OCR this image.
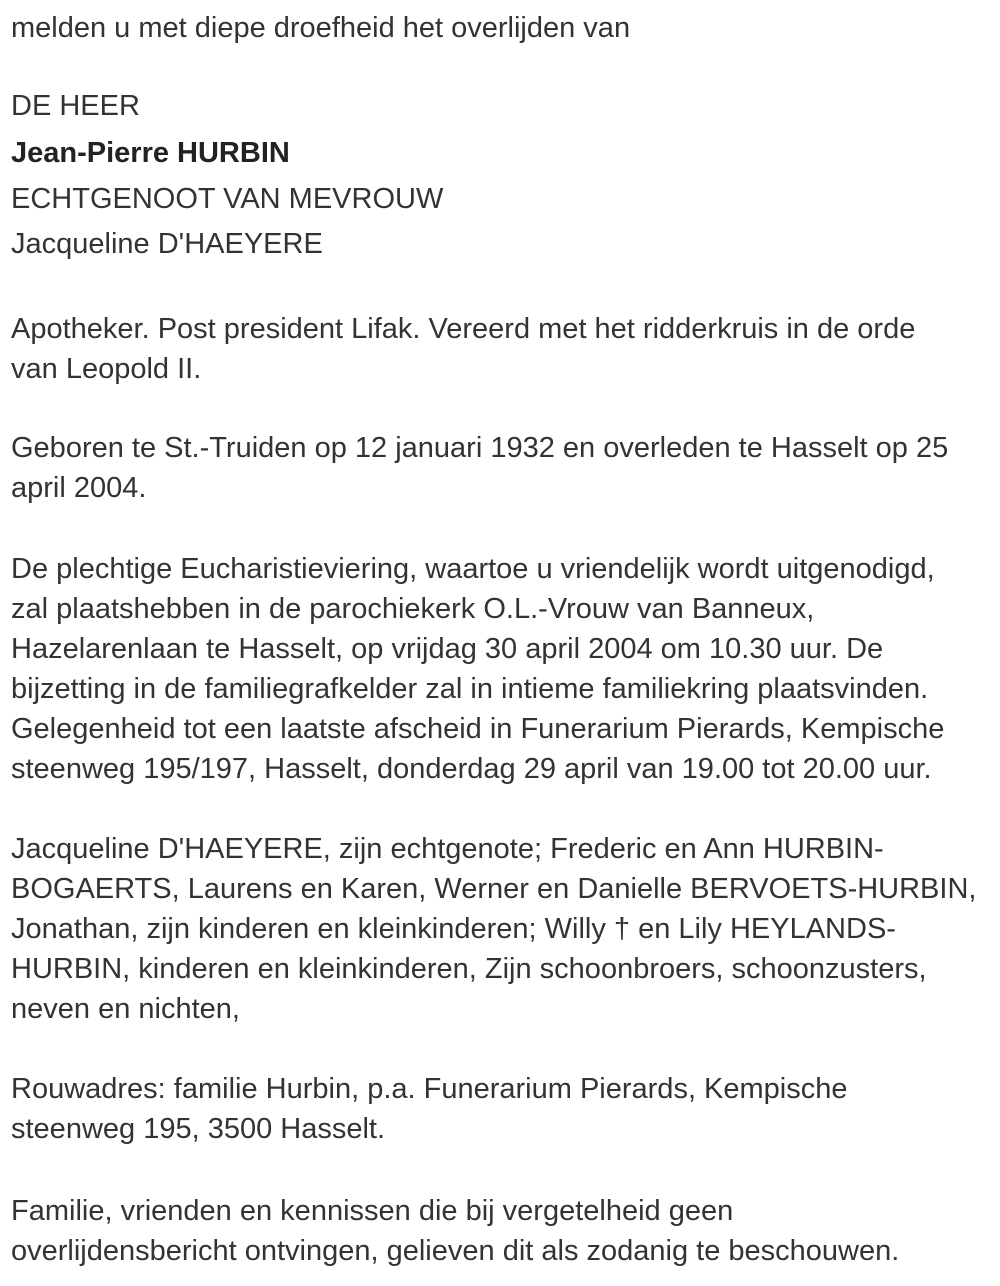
melden u met diepe droefheid het overlijden van

DE HEER

Jean-Pierre HURBIN

ECHTGENOOT VAN MEVROUW

Jacqueline D'HAEYERE

Apotheker. Post president Lifak. Vereerd met het ridderkruis in de orde
van Leopold II.

Geboren te St.-Truiden op 12 januari 1932 en overleden te Hasselt op 25
april 2004.

De plechtige Eucharistieviering, waartoe u vriendelijk wordt uitgenodigd,
zal plaatshebben in de parochiekerk O.L.-Vrouw van Banneux,
Hazelarenlaan te Hasselt, op vrijdag 30 april 2004 om 10.30 uur. De
bijzetting in de familiegrafkelder zal in intieme familiekring plaatsvinden.
Gelegenheid tot een laatste afscheid in Funerarium Pierards, Kempische
steenweg 195/197, Hasselt, donderdag 29 april van 19.00 tot 20.00 uur.

Jacqueline D'HAEYERE, zijn echtgenote; Frederic en Ann HURBIN-
BOGAERTS, Laurens en Karen, Werner en Danielle BERVOETS-HURBIN,
Jonathan, zijn kinderen en kleinkinderen; Willy † en Lily HEYLANDS-
HURBIN, kinderen en kleinkinderen, Zijn schoonbroers, schoonzusters,
neven en nichten,

Rouwadres: familie Hurbin, p.a. Funerarium Pierards, Kempische
steenweg 195, 3500 Hasselt.

Familie, vrienden en kennissen die bij vergetelheid geen
overlijdensbericht ontvingen, gelieven dit als zodanig te beschouwen.
